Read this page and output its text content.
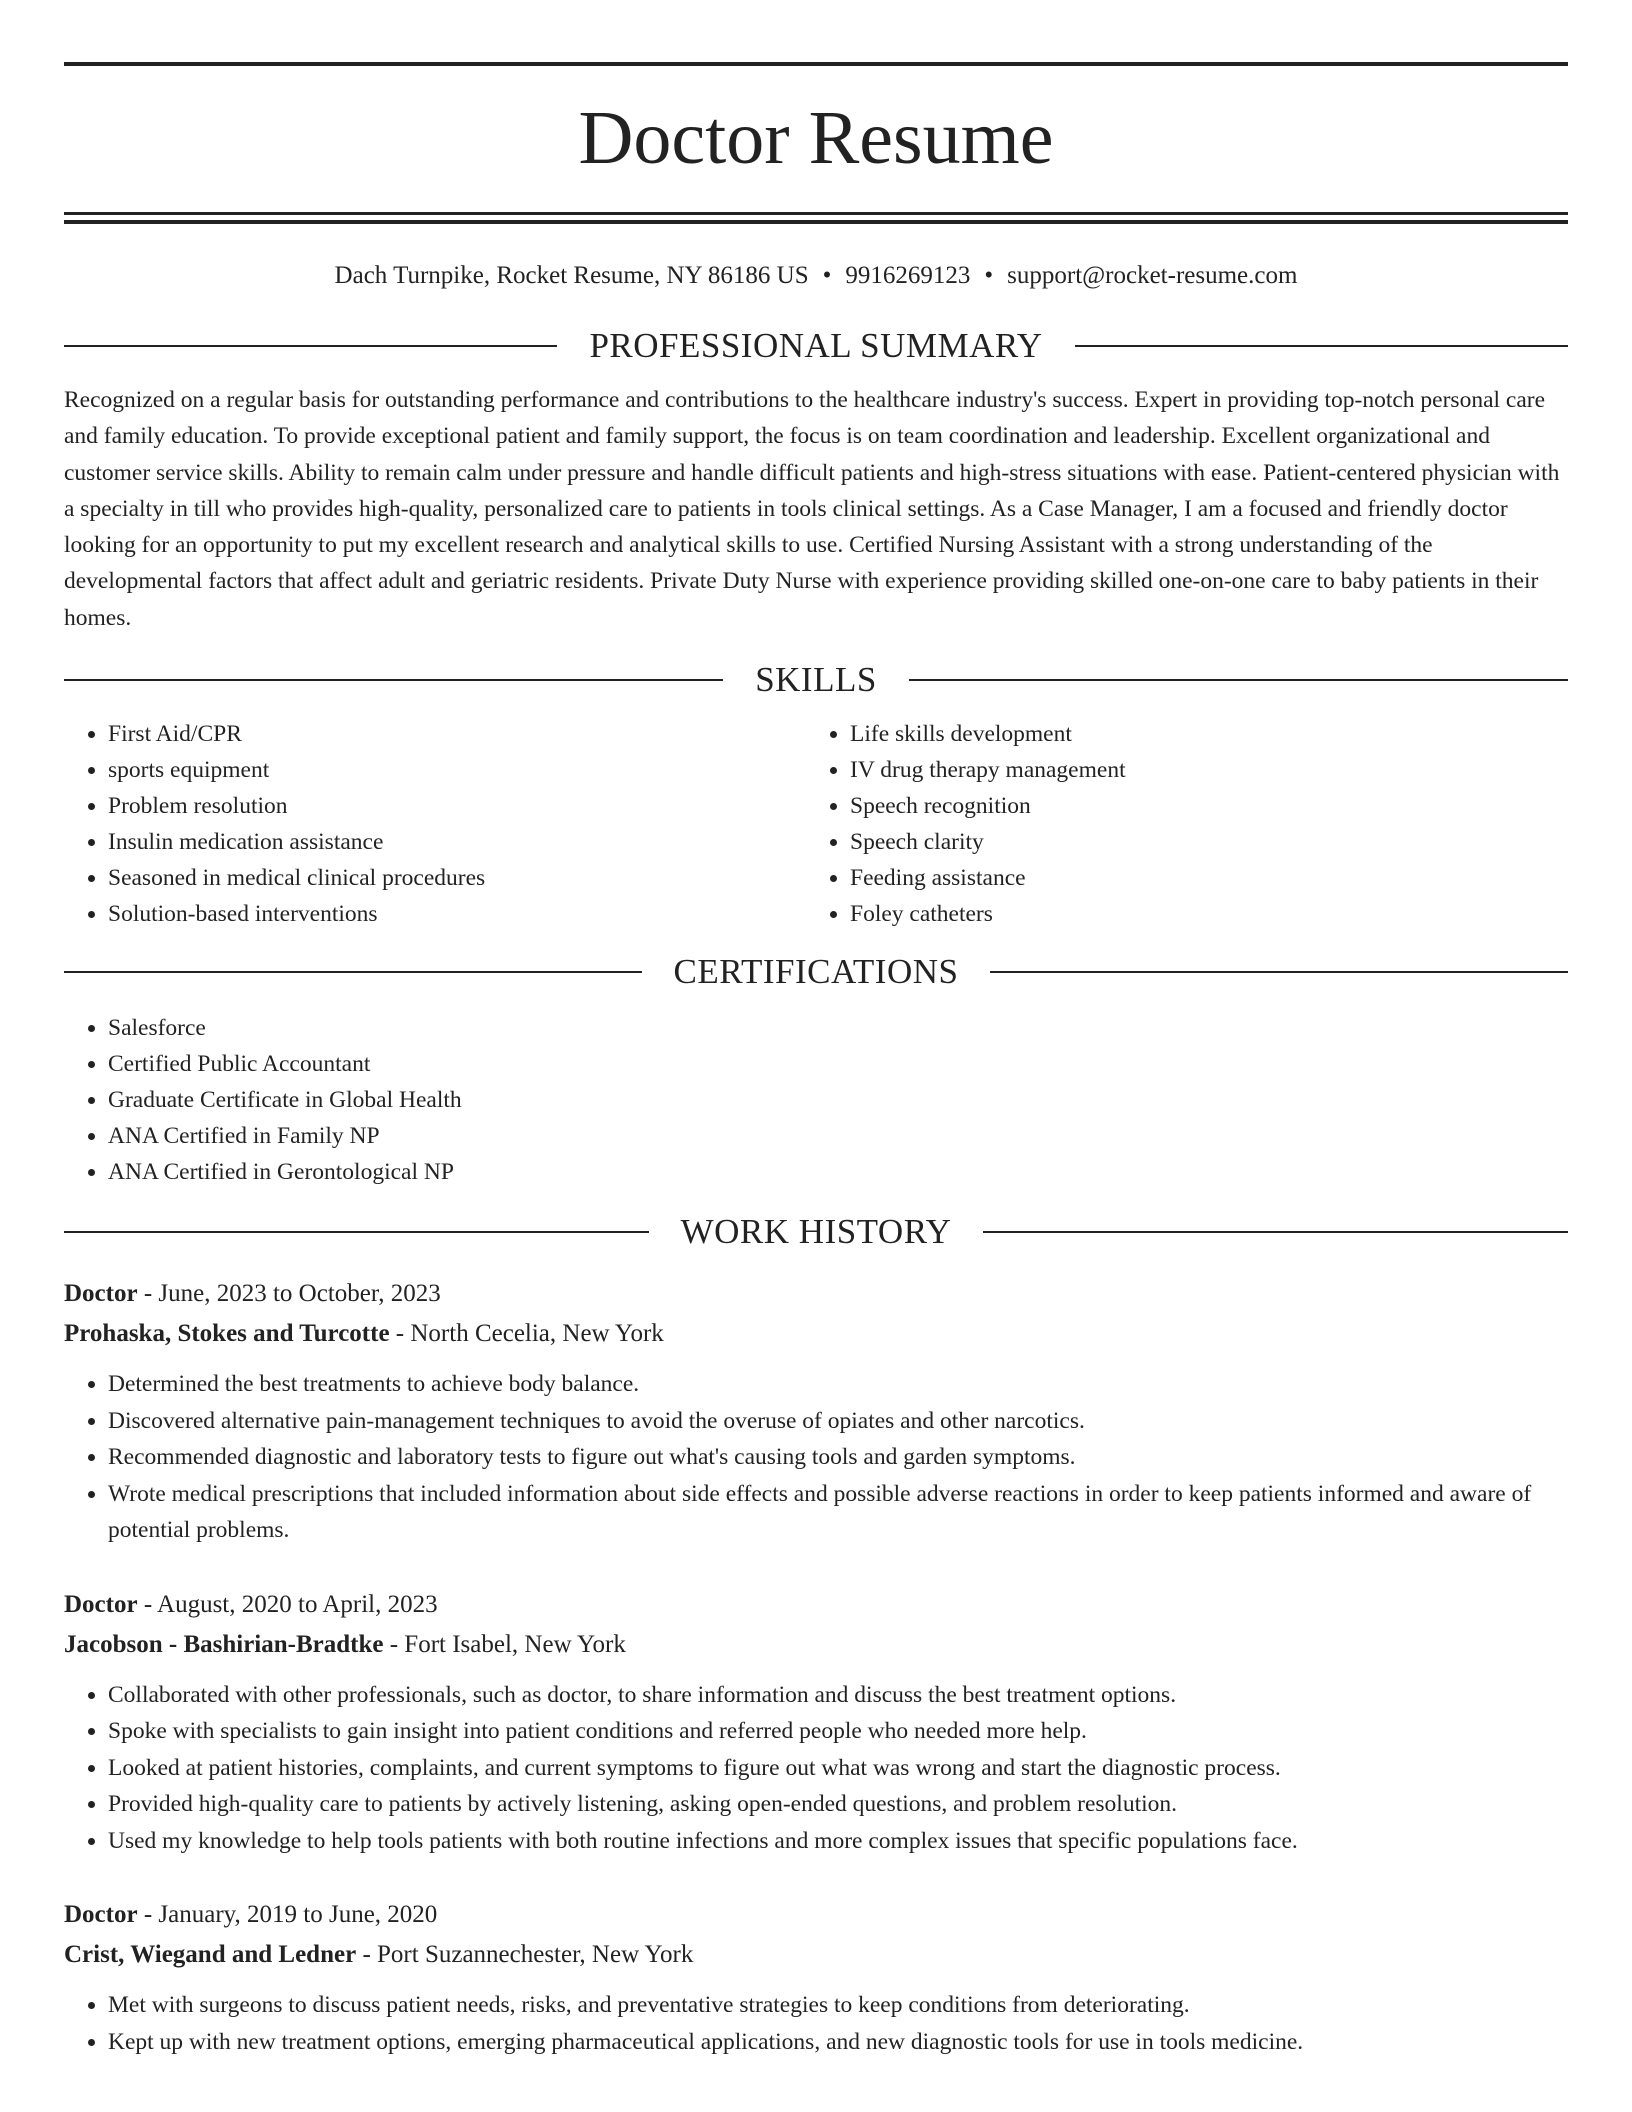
Doctor Resume
Dach Turnpike, Rocket Resume, NY 86186 US • 9916269123 • support@rocket-resume.com
PROFESSIONAL SUMMARY

Recognized on a regular basis for outstanding performance and contributions to the healthcare industry's success. Expert in providing top-notch personal care and family education. To provide exceptional patient and family support, the focus is on team coordination and leadership. Excellent organizational and customer service skills. Ability to remain calm under pressure and handle difficult patients and high-stress situations with ease. Patient-centered physician with a specialty in till who provides high-quality, personalized care to patients in tools clinical settings. As a Case Manager, I am a focused and friendly doctor looking for an opportunity to put my excellent research and analytical skills to use. Certified Nursing Assistant with a strong understanding of the developmental factors that affect adult and geriatric residents. Private Duty Nurse with experience providing skilled one-on-one care to baby patients in their homes.

SKILLS
• First Aid/CPR
• sports equipment
• Problem resolution
• Insulin medication assistance
• Seasoned in medical clinical procedures
• Solution-based interventions
• Life skills development
• IV drug therapy management
• Speech recognition
• Speech clarity
• Feeding assistance
• Foley catheters
CERTIFICATIONS
• Salesforce
• Certified Public Accountant
• Graduate Certificate in Global Health
• ANA Certified in Family NP
• ANA Certified in Gerontological NP
WORK HISTORY
Doctor - June, 2023 to October, 2023
Prohaska, Stokes and Turcotte - North Cecelia, New York
• Determined the best treatments to achieve body balance.
• Discovered alternative pain-management techniques to avoid the overuse of opiates and other narcotics.
• Recommended diagnostic and laboratory tests to figure out what's causing tools and garden symptoms.
• Wrote medical prescriptions that included information about side effects and possible adverse reactions in order to keep patients informed and aware of potential problems.
Doctor - August, 2020 to April, 2023
Jacobson - Bashirian-Bradtke - Fort Isabel, New York
• Collaborated with other professionals, such as doctor, to share information and discuss the best treatment options.
• Spoke with specialists to gain insight into patient conditions and referred people who needed more help.
• Looked at patient histories, complaints, and current symptoms to figure out what was wrong and start the diagnostic process.
• Provided high-quality care to patients by actively listening, asking open-ended questions, and problem resolution.
• Used my knowledge to help tools patients with both routine infections and more complex issues that specific populations face.
Doctor - January, 2019 to June, 2020
Crist, Wiegand and Ledner - Port Suzannechester, New York
• Met with surgeons to discuss patient needs, risks, and preventative strategies to keep conditions from deteriorating.
• Kept up with new treatment options, emerging pharmaceutical applications, and new diagnostic tools for use in tools medicine.
